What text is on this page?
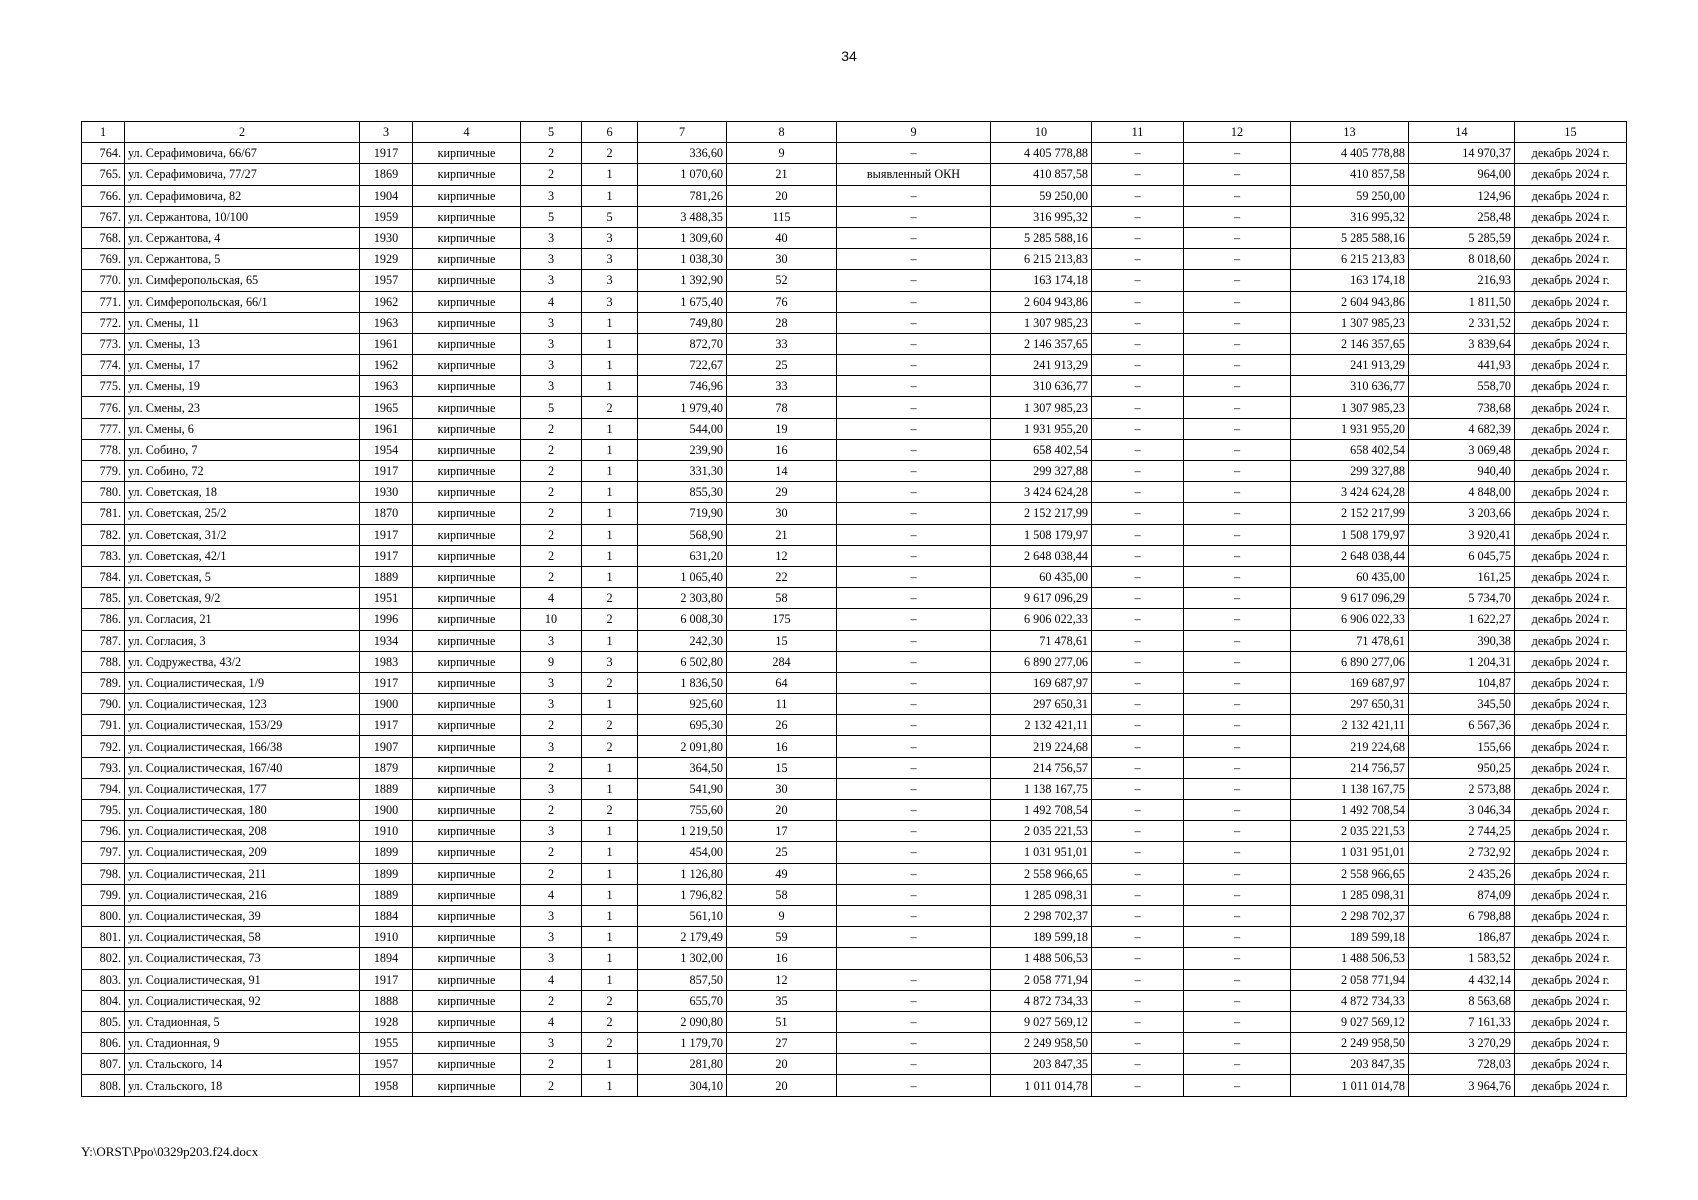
34
1	2	3	4	5	6	7	8	9	10	11	12	13	14	15
764.	ул. Серафимовича, 66/67	1917	кирпичные	2	2	336,60	9	–	4 405 778,88	–	–	4 405 778,88	14 970,37	декабрь 2024 г.
765.	ул. Серафимовича, 77/27	1869	кирпичные	2	1	1 070,60	21	выявленный ОКН	410 857,58	–	–	410 857,58	964,00	декабрь 2024 г.
766.	ул. Серафимовича, 82	1904	кирпичные	3	1	781,26	20	–	59 250,00	–	–	59 250,00	124,96	декабрь 2024 г.
767.	ул. Сержантова, 10/100	1959	кирпичные	5	5	3 488,35	115	–	316 995,32	–	–	316 995,32	258,48	декабрь 2024 г.
768.	ул. Сержантова, 4	1930	кирпичные	3	3	1 309,60	40	–	5 285 588,16	–	–	5 285 588,16	5 285,59	декабрь 2024 г.
769.	ул. Сержантова, 5	1929	кирпичные	3	3	1 038,30	30	–	6 215 213,83	–	–	6 215 213,83	8 018,60	декабрь 2024 г.
770.	ул. Симферопольская, 65	1957	кирпичные	3	3	1 392,90	52	–	163 174,18	–	–	163 174,18	216,93	декабрь 2024 г.
771.	ул. Симферопольская, 66/1	1962	кирпичные	4	3	1 675,40	76	–	2 604 943,86	–	–	2 604 943,86	1 811,50	декабрь 2024 г.
772.	ул. Смены, 11	1963	кирпичные	3	1	749,80	28	–	1 307 985,23	–	–	1 307 985,23	2 331,52	декабрь 2024 г.
773.	ул. Смены, 13	1961	кирпичные	3	1	872,70	33	–	2 146 357,65	–	–	2 146 357,65	3 839,64	декабрь 2024 г.
774.	ул. Смены, 17	1962	кирпичные	3	1	722,67	25	–	241 913,29	–	–	241 913,29	441,93	декабрь 2024 г.
775.	ул. Смены, 19	1963	кирпичные	3	1	746,96	33	–	310 636,77	–	–	310 636,77	558,70	декабрь 2024 г.
776.	ул. Смены, 23	1965	кирпичные	5	2	1 979,40	78	–	1 307 985,23	–	–	1 307 985,23	738,68	декабрь 2024 г.
777.	ул. Смены, 6	1961	кирпичные	2	1	544,00	19	–	1 931 955,20	–	–	1 931 955,20	4 682,39	декабрь 2024 г.
778.	ул. Собино, 7	1954	кирпичные	2	1	239,90	16	–	658 402,54	–	–	658 402,54	3 069,48	декабрь 2024 г.
779.	ул. Собино, 72	1917	кирпичные	2	1	331,30	14	–	299 327,88	–	–	299 327,88	940,40	декабрь 2024 г.
780.	ул. Советская, 18	1930	кирпичные	2	1	855,30	29	–	3 424 624,28	–	–	3 424 624,28	4 848,00	декабрь 2024 г.
781.	ул. Советская, 25/2	1870	кирпичные	2	1	719,90	30	–	2 152 217,99	–	–	2 152 217,99	3 203,66	декабрь 2024 г.
782.	ул. Советская, 31/2	1917	кирпичные	2	1	568,90	21	–	1 508 179,97	–	–	1 508 179,97	3 920,41	декабрь 2024 г.
783.	ул. Советская, 42/1	1917	кирпичные	2	1	631,20	12	–	2 648 038,44	–	–	2 648 038,44	6 045,75	декабрь 2024 г.
784.	ул. Советская, 5	1889	кирпичные	2	1	1 065,40	22	–	60 435,00	–	–	60 435,00	161,25	декабрь 2024 г.
785.	ул. Советская, 9/2	1951	кирпичные	4	2	2 303,80	58	–	9 617 096,29	–	–	9 617 096,29	5 734,70	декабрь 2024 г.
786.	ул. Согласия, 21	1996	кирпичные	10	2	6 008,30	175	–	6 906 022,33	–	–	6 906 022,33	1 622,27	декабрь 2024 г.
787.	ул. Согласия, 3	1934	кирпичные	3	1	242,30	15	–	71 478,61	–	–	71 478,61	390,38	декабрь 2024 г.
788.	ул. Содружества, 43/2	1983	кирпичные	9	3	6 502,80	284	–	6 890 277,06	–	–	6 890 277,06	1 204,31	декабрь 2024 г.
789.	ул. Социалистическая, 1/9	1917	кирпичные	3	2	1 836,50	64	–	169 687,97	–	–	169 687,97	104,87	декабрь 2024 г.
790.	ул. Социалистическая, 123	1900	кирпичные	3	1	925,60	11	–	297 650,31	–	–	297 650,31	345,50	декабрь 2024 г.
791.	ул. Социалистическая, 153/29	1917	кирпичные	2	2	695,30	26	–	2 132 421,11	–	–	2 132 421,11	6 567,36	декабрь 2024 г.
792.	ул. Социалистическая, 166/38	1907	кирпичные	3	2	2 091,80	16	–	219 224,68	–	–	219 224,68	155,66	декабрь 2024 г.
793.	ул. Социалистическая, 167/40	1879	кирпичные	2	1	364,50	15	–	214 756,57	–	–	214 756,57	950,25	декабрь 2024 г.
794.	ул. Социалистическая, 177	1889	кирпичные	3	1	541,90	30	–	1 138 167,75	–	–	1 138 167,75	2 573,88	декабрь 2024 г.
795.	ул. Социалистическая, 180	1900	кирпичные	2	2	755,60	20	–	1 492 708,54	–	–	1 492 708,54	3 046,34	декабрь 2024 г.
796.	ул. Социалистическая, 208	1910	кирпичные	3	1	1 219,50	17	–	2 035 221,53	–	–	2 035 221,53	2 744,25	декабрь 2024 г.
797.	ул. Социалистическая, 209	1899	кирпичные	2	1	454,00	25	–	1 031 951,01	–	–	1 031 951,01	2 732,92	декабрь 2024 г.
798.	ул. Социалистическая, 211	1899	кирпичные	2	1	1 126,80	49	–	2 558 966,65	–	–	2 558 966,65	2 435,26	декабрь 2024 г.
799.	ул. Социалистическая, 216	1889	кирпичные	4	1	1 796,82	58	–	1 285 098,31	–	–	1 285 098,31	874,09	декабрь 2024 г.
800.	ул. Социалистическая, 39	1884	кирпичные	3	1	561,10	9	–	2 298 702,37	–	–	2 298 702,37	6 798,88	декабрь 2024 г.
801.	ул. Социалистическая, 58	1910	кирпичные	3	1	2 179,49	59	–	189 599,18	–	–	189 599,18	186,87	декабрь 2024 г.
802.	ул. Социалистическая, 73	1894	кирпичные	3	1	1 302,00	16		1 488 506,53	–	–	1 488 506,53	1 583,52	декабрь 2024 г.
803.	ул. Социалистическая, 91	1917	кирпичные	4	1	857,50	12	–	2 058 771,94	–	–	2 058 771,94	4 432,14	декабрь 2024 г.
804.	ул. Социалистическая, 92	1888	кирпичные	2	2	655,70	35	–	4 872 734,33	–	–	4 872 734,33	8 563,68	декабрь 2024 г.
805.	ул. Стадионная, 5	1928	кирпичные	4	2	2 090,80	51	–	9 027 569,12	–	–	9 027 569,12	7 161,33	декабрь 2024 г.
806.	ул. Стадионная, 9	1955	кирпичные	3	2	1 179,70	27	–	2 249 958,50	–	–	2 249 958,50	3 270,29	декабрь 2024 г.
807.	ул. Стальского, 14	1957	кирпичные	2	1	281,80	20	–	203 847,35	–	–	203 847,35	728,03	декабрь 2024 г.
808.	ул. Стальского, 18	1958	кирпичные	2	1	304,10	20	–	1 011 014,78	–	–	1 011 014,78	3 964,76	декабрь 2024 г.
Y:\ORST\Ppo\0329p203.f24.docx
